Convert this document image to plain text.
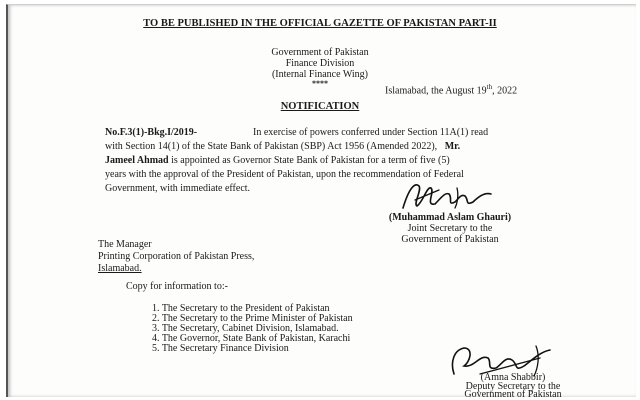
TO BE PUBLISHED IN THE OFFICIAL GAZETTE OF PAKISTAN PART-II
Government of Pakistan
Finance Division
(Internal Finance Wing)
****
Islamabad, the August 19th, 2022
NOTIFICATION
No.F.3(1)-Bkg.I/2019-	In exercise of powers conferred under Section 11A(1) read
with Section 14(1) of the State Bank of Pakistan (SBP) Act 1956 (Amended 2022), Mr.
Jameel Ahmad is appointed as Governor State Bank of Pakistan for a term of five (5)
years with the approval of the President of Pakistan, upon the recommendation of Federal
Government, with immediate effect.
(Muhammad Aslam Ghauri)
Joint Secretary to the
Government of Pakistan
The Manager
Printing Corporation of Pakistan Press,
Islamabad.
Copy for information to:-
1. The Secretary to the President of Pakistan
2. The Secretary to the Prime Minister of Pakistan
3. The Secretary, Cabinet Division, Islamabad.
4. The Governor, State Bank of Pakistan, Karachi
5. The Secretary Finance Division
(Amna Shabbir)
Deputy Secretary to the
Government of Pakistan
